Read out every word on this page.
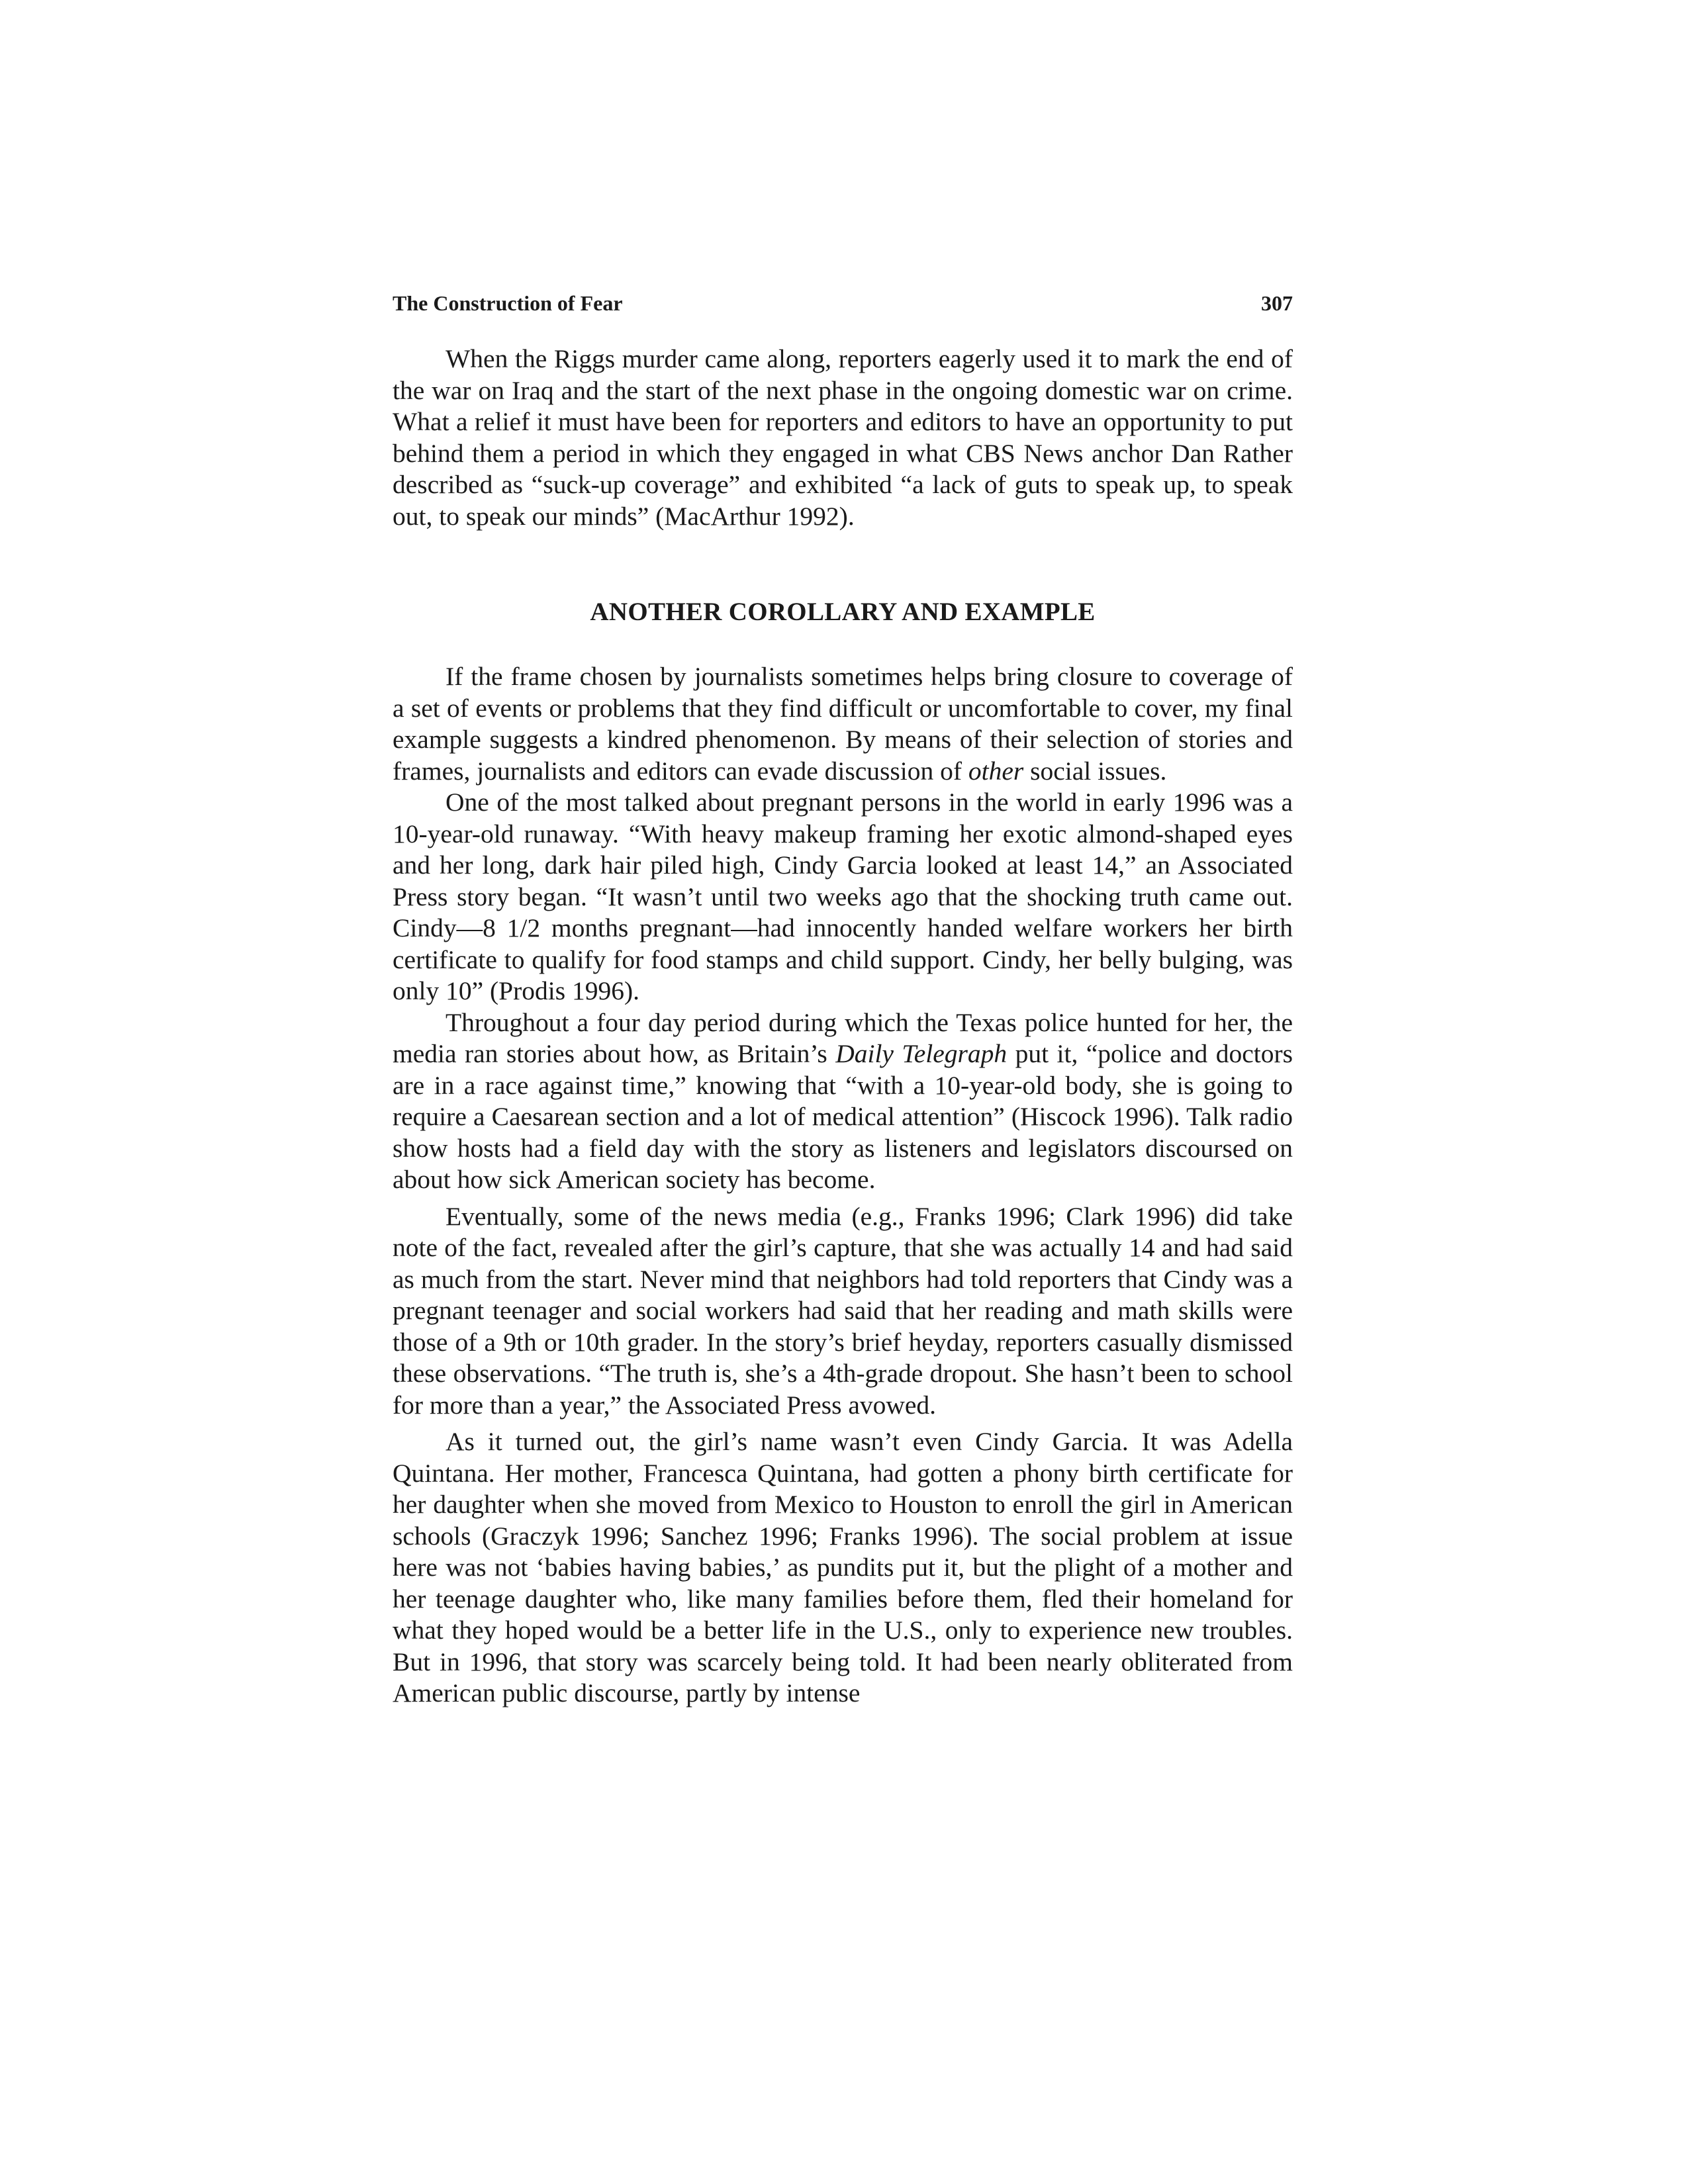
The Construction of Fear	307

When the Riggs murder came along, reporters eagerly used it to mark the end of the war on Iraq and the start of the next phase in the ongoing domestic war on crime. What a relief it must have been for reporters and editors to have an opportunity to put behind them a period in which they engaged in what CBS News anchor Dan Rather described as “suck-up coverage” and exhibited “a lack of guts to speak up, to speak out, to speak our minds” (MacArthur 1992).

ANOTHER COROLLARY AND EXAMPLE

If the frame chosen by journalists sometimes helps bring closure to coverage of a set of events or problems that they find difficult or uncomfortable to cover, my final example suggests a kindred phenomenon. By means of their selection of stories and frames, journalists and editors can evade discussion of other social issues.

One of the most talked about pregnant persons in the world in early 1996 was a 10-year-old runaway. “With heavy makeup framing her exotic almond-shaped eyes and her long, dark hair piled high, Cindy Garcia looked at least 14,” an Associated Press story began. “It wasn’t until two weeks ago that the shocking truth came out. Cindy—8 1/2 months pregnant—had innocently handed welfare workers her birth certificate to qualify for food stamps and child support. Cindy, her belly bulging, was only 10” (Prodis 1996).

Throughout a four day period during which the Texas police hunted for her, the media ran stories about how, as Britain’s Daily Telegraph put it, “police and doctors are in a race against time,” knowing that “with a 10-year-old body, she is going to require a Caesarean section and a lot of medical attention” (Hiscock 1996). Talk radio show hosts had a field day with the story as listeners and legislators discoursed on about how sick American society has become.

Eventually, some of the news media (e.g., Franks 1996; Clark 1996) did take note of the fact, revealed after the girl’s capture, that she was actually 14 and had said as much from the start. Never mind that neighbors had told reporters that Cindy was a pregnant teenager and social workers had said that her reading and math skills were those of a 9th or 10th grader. In the story’s brief heyday, reporters casually dismissed these observations. “The truth is, she’s a 4th-grade dropout. She hasn’t been to school for more than a year,” the Associated Press avowed.

As it turned out, the girl’s name wasn’t even Cindy Garcia. It was Adella Quintana. Her mother, Francesca Quintana, had gotten a phony birth certificate for her daughter when she moved from Mexico to Houston to enroll the girl in American schools (Graczyk 1996; Sanchez 1996; Franks 1996). The social problem at issue here was not ‘babies having babies,’ as pundits put it, but the plight of a mother and her teenage daughter who, like many families before them, fled their homeland for what they hoped would be a better life in the U.S., only to experience new troubles. But in 1996, that story was scarcely being told. It had been nearly obliterated from American public discourse, partly by intense
